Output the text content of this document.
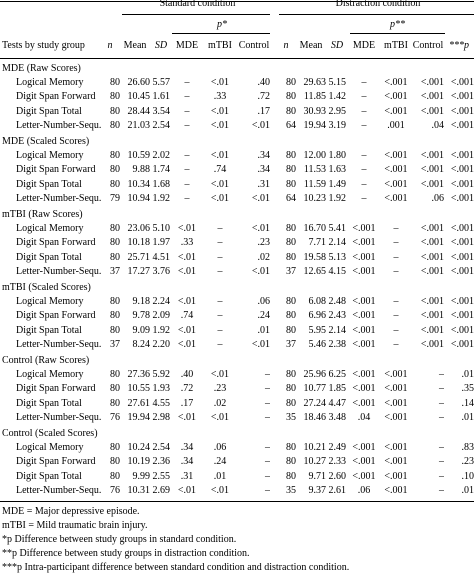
Standard condition	Distraction condition
p*	p**
Tests by study group	n	Mean SD MDE mTBI Control	n	Mean SD MDE mTBI Control ***p
MDE (Raw Scores)
Logical Memory	80 26.60 5.57	–	<.01	.40	80 29.63 5.15	–	<.001	<.001 <.001
Digit Span Forward	80 10.45 1.61	–	.33	.72	80 11.85 1.42	–	<.001	<.001 <.001
Digit Span Total	80 28.44 3.54	–	<.01	.17	80 30.93 2.95	–	<.001	<.001 <.001
Letter-Number-Sequ. 80 21.03 2.54	–	<.01	<.01	64 19.94 3.19	–	.001	.04 <.001
MDE (Scaled Scores)
Logical Memory	80 10.59 2.02	–	<.01	.34	80 12.00 1.80	–	<.001	<.001 <.001
Digit Span Forward	80	9.88 1.74	–	.74	.34	80 11.53 1.63	–	<.001	<.001 <.001
Digit Span Total	80 10.34 1.68	–	<.01	.31	80 11.59 1.49	–	<.001	<.001 <.001
Letter-Number-Sequ. 79 10.94 1.92	–	<.01	<.01	64 10.23 1.92	–	<.001	.06 <.001
mTBI (Raw Scores)
Logical Memory	80 23.06 5.10 <.01	–	<.01	80 16.70 5.41 <.001	–	<.001 <.001
Digit Span Forward	80 10.18 1.97	.33	–	.23	80	7.71 2.14 <.001	–	<.001 <.001
Digit Span Total	80 25.71 4.51 <.01	–	.02	80 19.58 5.13 <.001	–	<.001 <.001
Letter-Number-Sequ. 37 17.27 3.76 <.01	–	<.01	37 12.65 4.15 <.001	–	<.001 <.001
mTBI (Scaled Scores)
Logical Memory	80	9.18 2.24 <.01	–	.06	80	6.08 2.48 <.001	–	<.001 <.001
Digit Span Forward	80	9.78 2.09	.74	–	.24	80	6.96 2.43 <.001	–	<.001 <.001
Digit Span Total	80	9.09 1.92 <.01	–	.01	80	5.95 2.14 <.001	–	<.001 <.001
Letter-Number-Sequ. 37	8.24 2.20 <.01	–	<.01	37	5.46 2.38 <.001	–	<.001 <.001
Control (Raw Scores)
Logical Memory	80 27.36 5.92	.40	<.01	–	80 25.96 6.25 <.001 <.001	–	.01
Digit Span Forward	80 10.55 1.93	.72	.23	–	80 10.77 1.85 <.001 <.001	–	.35
Digit Span Total	80 27.61 4.55	.17	.02	–	80 27.24 4.47 <.001 <.001	–	.14
Letter-Number-Sequ. 76 19.94 2.98 <.01	<.01	–	35 18.46 3.48	.04	<.001	–	.01
Control (Scaled Scores)
Logical Memory	80 10.24 2.54	.34	.06	–	80 10.21 2.49 <.001 <.001	–	.83
Digit Span Forward	80 10.19 2.36	.34	.24	–	80 10.27 2.33 <.001 <.001	–	.23
Digit Span Total	80	9.99 2.55	.31	.01	–	80	9.71 2.60 <.001 <.001	–	.10
Letter-Number-Sequ. 76 10.31 2.69 <.01	<.01	–	35	9.37 2.61	.06	<.001	–	.01
MDE = Major depressive episode.
mTBI = Mild traumatic brain injury.
*p Difference between study groups in standard condition.
**p Difference between study groups in distraction condition.
***p Intra-participant difference between standard condition and distraction condition.
